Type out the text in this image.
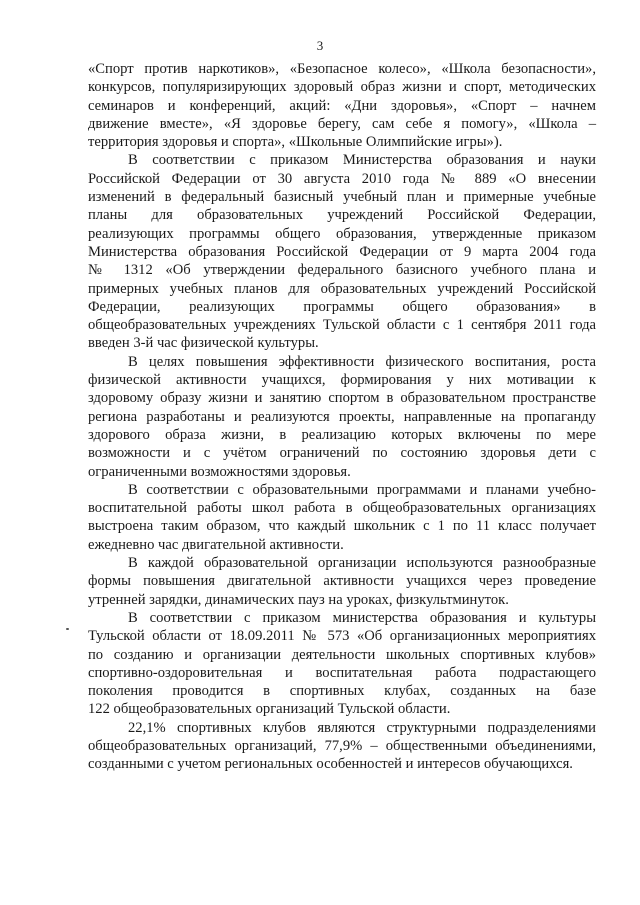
3

«Спорт против наркотиков», «Безопасное колесо», «Школа безопасности»,
конкурсов, популяризирующих здоровый образ жизни и спорт, методических
семинаров и конференций, акций: «Дни здоровья», «Спорт – начнем
движение вместе», «Я здоровье берегу, сам себе я помогу», «Школа –
территория здоровья и спорта», «Школьные Олимпийские игры»).

В соответствии с приказом Министерства образования и науки
Российской Федерации от 30 августа 2010 года № 889 «О внесении
изменений в федеральный базисный учебный план и примерные учебные
планы для образовательных учреждений Российской Федерации,
реализующих программы общего образования, утвержденные приказом
Министерства образования Российской Федерации от 9 марта 2004 года
№ 1312 «Об утверждении федерального базисного учебного плана и
примерных учебных планов для образовательных учреждений Российской
Федерации, реализующих программы общего образования» в
общеобразовательных учреждениях Тульской области с 1 сентября 2011 года
введен 3-й час физической культуры.

В целях повышения эффективности физического воспитания, роста
физической активности учащихся, формирования у них мотивации к
здоровому образу жизни и занятию спортом в образовательном пространстве
региона разработаны и реализуются проекты, направленные на пропаганду
здорового образа жизни, в реализацию которых включены по мере
возможности и с учётом ограничений по состоянию здоровья дети с
ограниченными возможностями здоровья.

В соответствии с образовательными программами и планами учебно-
воспитательной работы школ работа в общеобразовательных организациях
выстроена таким образом, что каждый школьник с 1 по 11 класс получает
ежедневно час двигательной активности.

В каждой образовательной организации используются разнообразные
формы повышения двигательной активности учащихся через проведение
утренней зарядки, динамических пауз на уроках, физкультминуток.

В соответствии с приказом министерства образования и культуры
Тульской области от 18.09.2011 № 573 «Об организационных мероприятиях
по созданию и организации деятельности школьных спортивных клубов»
спортивно-оздоровительная и воспитательная работа подрастающего
поколения проводится в спортивных клубах, созданных на базе
122 общеобразовательных организаций Тульской области.

22,1% спортивных клубов являются структурными подразделениями
общеобразовательных организаций, 77,9% – общественными объединениями,
созданными с учетом региональных особенностей и интересов обучающихся.
